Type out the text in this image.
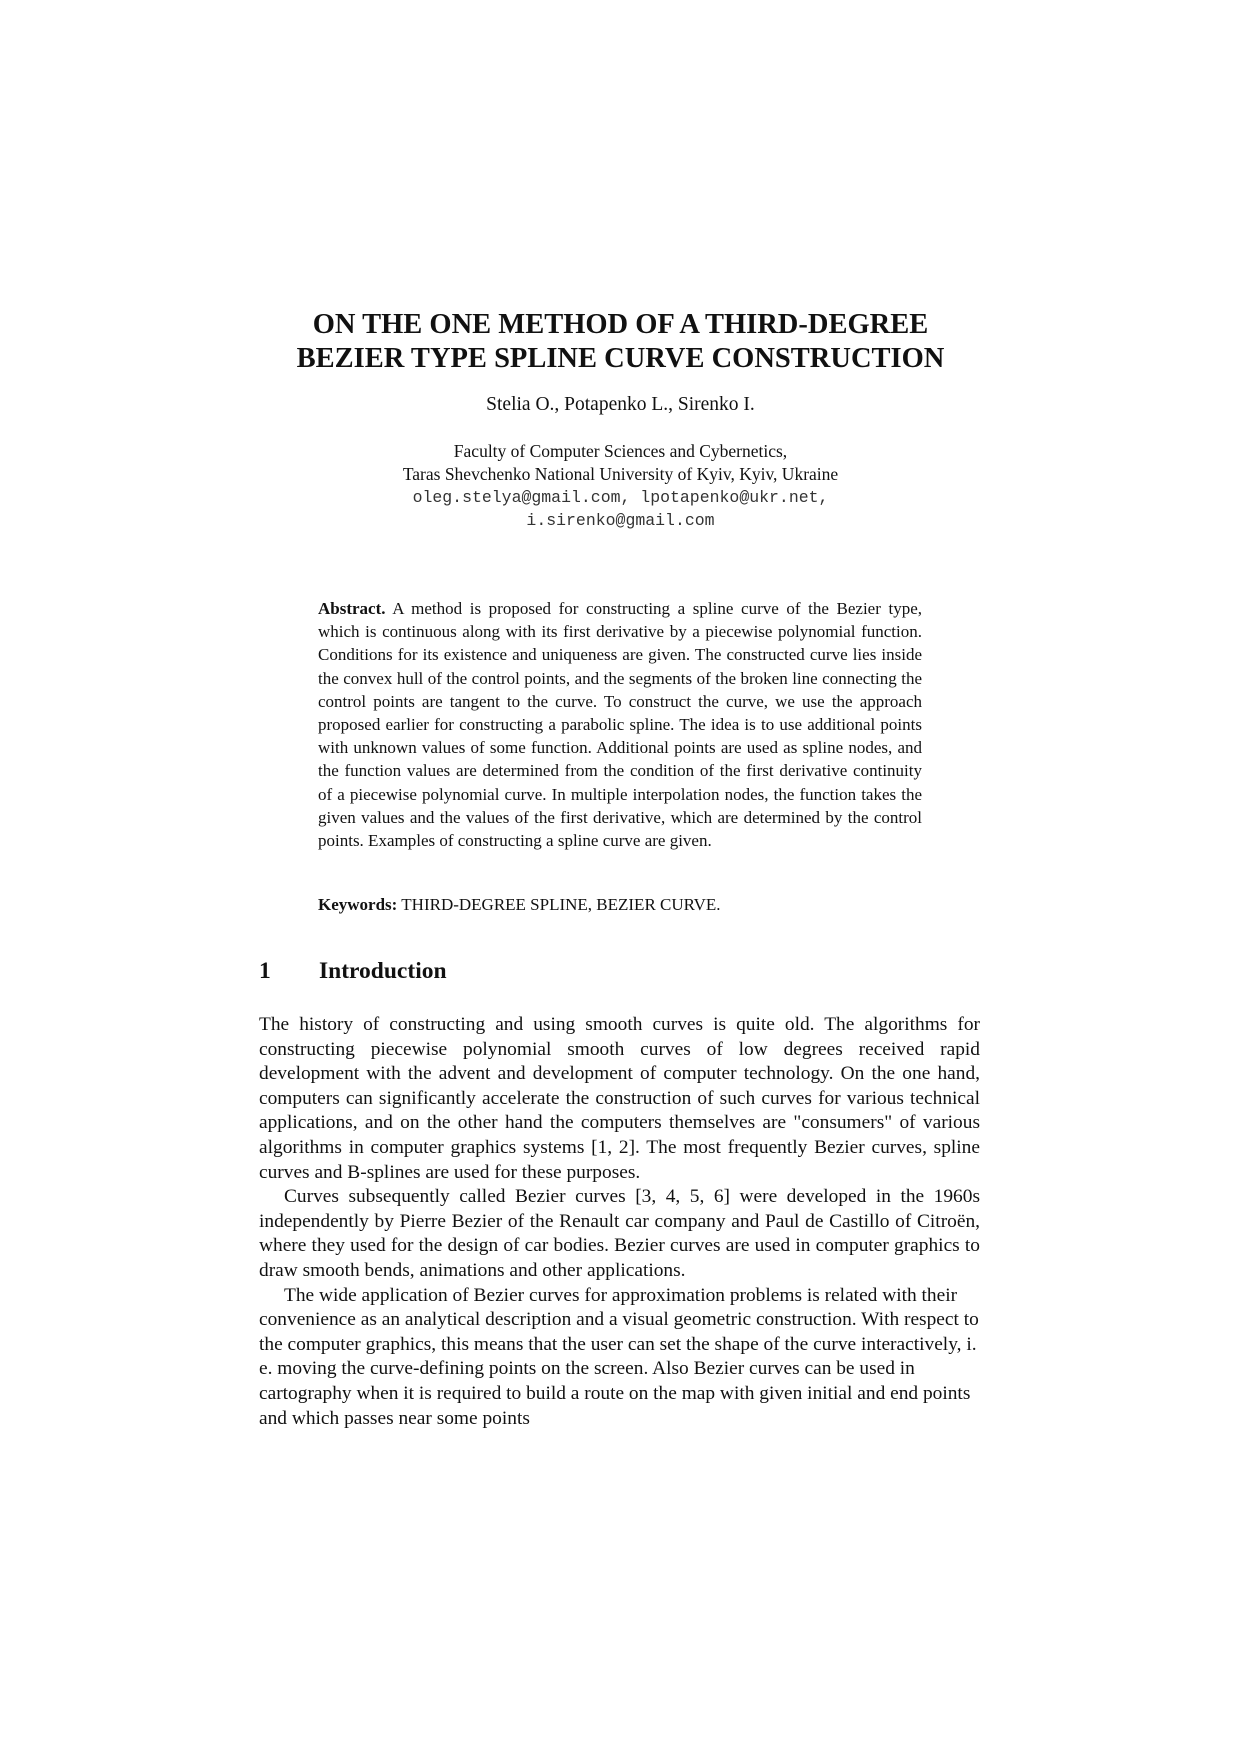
ON THE ONE METHOD OF A THIRD-DEGREE
BEZIER TYPE SPLINE CURVE CONSTRUCTION

Stelia O., Potapenko L., Sirenko I.

Faculty of Computer Sciences and Cybernetics,
Taras Shevchenko National University of Kyiv, Kyiv, Ukraine
oleg.stelya@gmail.com, lpotapenko@ukr.net,
i.sirenko@gmail.com

Abstract. A method is proposed for constructing a spline curve of the Bezier type, which is continuous along with its first derivative by a piecewise polynomial function. Conditions for its existence and uniqueness are given. The constructed curve lies inside the convex hull of the control points, and the segments of the broken line connecting the control points are tangent to the curve. To construct the curve, we use the approach proposed earlier for constructing a parabolic spline. The idea is to use additional points with unknown values of some function. Additional points are used as spline nodes, and the function values are determined from the condition of the first derivative continuity of a piecewise polynomial curve. In multiple interpolation nodes, the function takes the given values and the values of the first derivative, which are determined by the control points. Examples of constructing a spline curve are given.

Keywords: THIRD-DEGREE SPLINE, BEZIER CURVE.

1 Introduction

The history of constructing and using smooth curves is quite old. The algorithms for constructing piecewise polynomial smooth curves of low degrees received rapid development with the advent and development of computer technology. On the one hand, computers can significantly accelerate the construction of such curves for various technical applications, and on the other hand the computers themselves are "consumers" of various algorithms in computer graphics systems [1, 2]. The most frequently Bezier curves, spline curves and B-splines are used for these purposes.

Curves subsequently called Bezier curves [3, 4, 5, 6] were developed in the 1960s independently by Pierre Bezier of the Renault car company and Paul de Castillo of Citroën, where they used for the design of car bodies. Bezier curves are used in computer graphics to draw smooth bends, animations and other applications.

The wide application of Bezier curves for approximation problems is related with their convenience as an analytical description and a visual geometric construction. With respect to the computer graphics, this means that the user can set the shape of the curve interactively, i. e. moving the curve-defining points on the screen. Also Bezier curves can be used in cartography when it is required to build a route on the map with given initial and end points and which passes near some points
